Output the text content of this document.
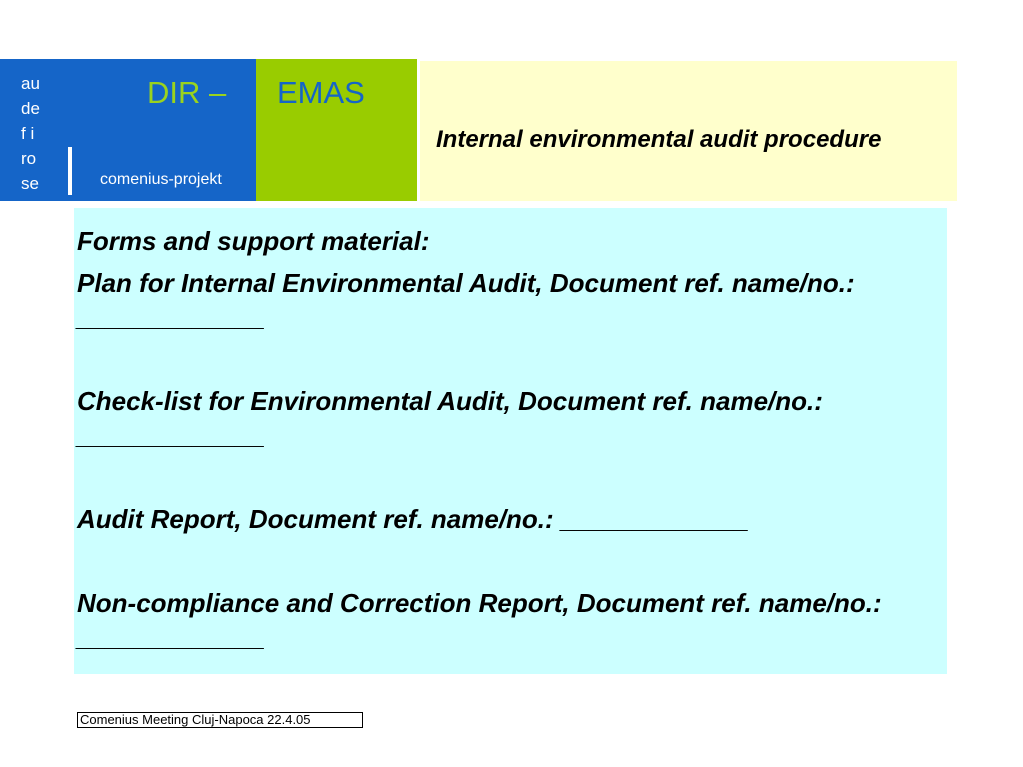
au
de
f i
ro
se
DIR –
comenius-projekt
EMAS
Internal environmental audit procedure

Forms and support material:

Plan for Internal Environmental Audit, Document ref. name/no.: _____________

Check-list for Environmental Audit, Document ref. name/no.: _____________

Audit Report, Document ref. name/no.: _____________

Non-compliance and Correction Report, Document ref. name/no.: _____________

Comenius Meeting Cluj-Napoca 22.4.05
